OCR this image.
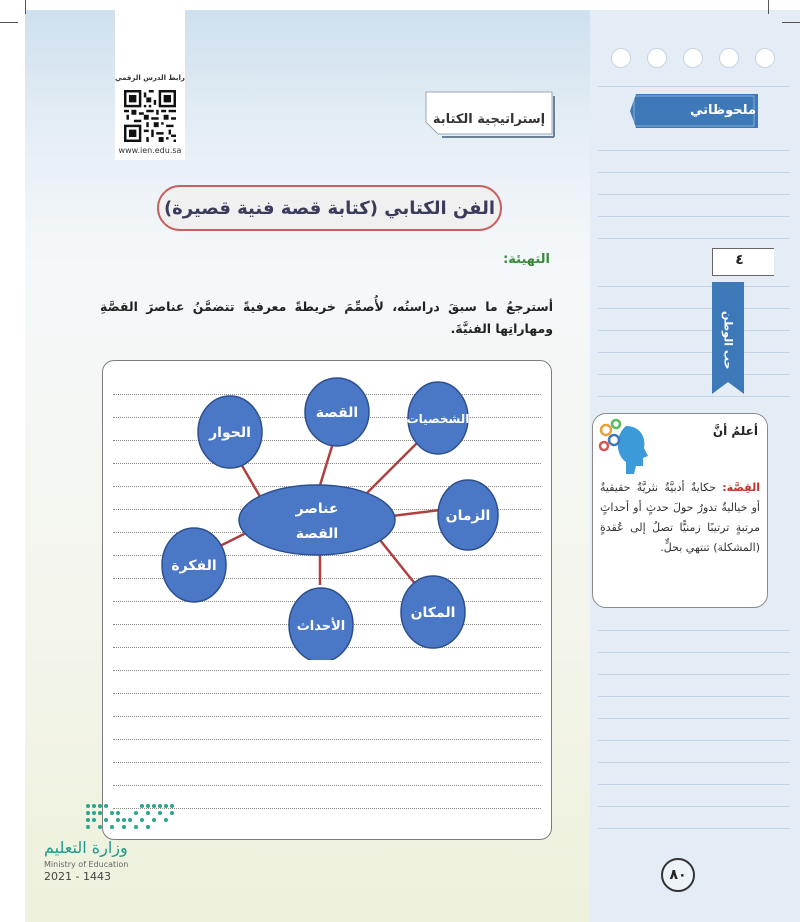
رابط الدرس الرقمي
www.ien.edu.sa
إستراتيجية الكتابة
الفن الكتابي (كتابة قصة فنية قصيرة)
التهيئة:
أسترجعُ ما سبقَ دراستُه، لأُصمِّمَ خريطةً معرفيةً تتضمَّنُ عناصرَ القصَّةِ ومهاراتِها الفنيَّةَ.
عناصر
القصة
القصة	الشخصيات
الزمان
المكان
الأحداث
الفكرة
الحوار
وزارة التعليم
Ministry of Education
2021 - 1443	٨٠
ملحوظاتي
٤
حب الوطن
أعلمُ أنَّ
القِصَّة: حكايةٌ أدبيَّةٌ نثريَّةٌ حقيقيةٌ أو خياليةٌ تدورُ حولَ حدثٍ أو أحداثٍ مرتبةٍ ترتيبًا زمنيًّا تصلُ إلى عُقدةٍ (المشكلة) تنتهي بحلٍّ.
